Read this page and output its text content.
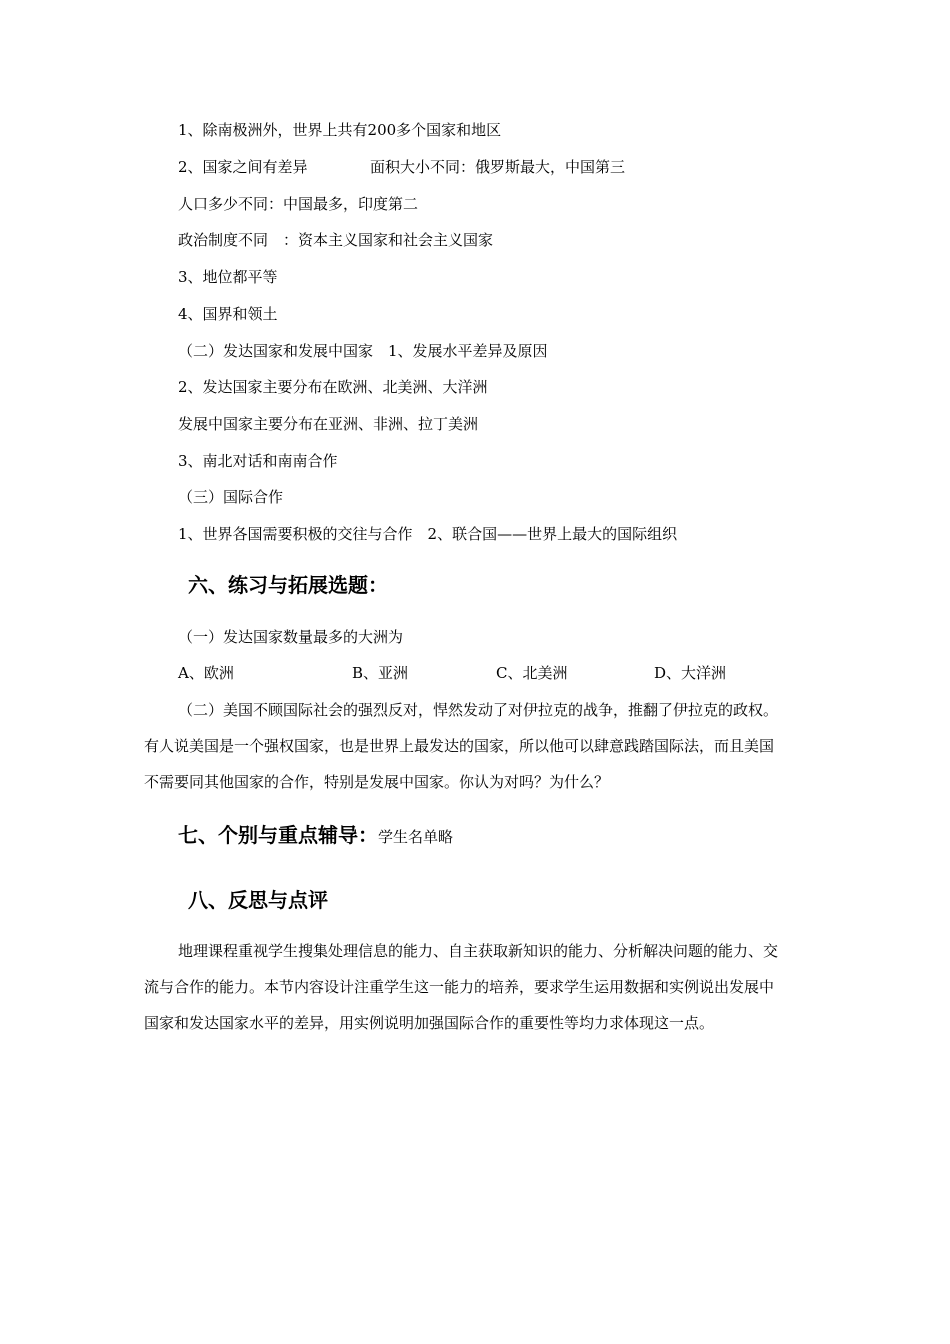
1、除南极洲外，世界上共有200多个国家和地区
2、国家之间有差异	面积大小不同：俄罗斯最大，中国第三
人口多少不同：中国最多，印度第二
政治制度不同　：资本主义国家和社会主义国家
3、地位都平等
4、国界和领土
（二）发达国家和发展中国家　1、发展水平差异及原因
2、发达国家主要分布在欧洲、北美洲、大洋洲
发展中国家主要分布在亚洲、非洲、拉丁美洲
3、南北对话和南南合作
（三）国际合作
1、世界各国需要积极的交往与合作　2、联合国——世界上最大的国际组织
六、练习与拓展选题：
（一）发达国家数量最多的大洲为
A、欧洲	B、亚洲	C、北美洲	D、大洋洲
（二）美国不顾国际社会的强烈反对，悍然发动了对伊拉克的战争，推翻了伊拉克的政权。有人说美国是一个强权国家，也是世界上最发达的国家，所以他可以肆意践踏国际法，而且美国不需要同其他国家的合作，特别是发展中国家。你认为对吗？为什么？
七、个别与重点辅导：学生名单略
八、反思与点评
地理课程重视学生搜集处理信息的能力、自主获取新知识的能力、分析解决问题的能力、交流与合作的能力。本节内容设计注重学生这一能力的培养，要求学生运用数据和实例说出发展中国家和发达国家水平的差异，用实例说明加强国际合作的重要性等均力求体现这一点。
